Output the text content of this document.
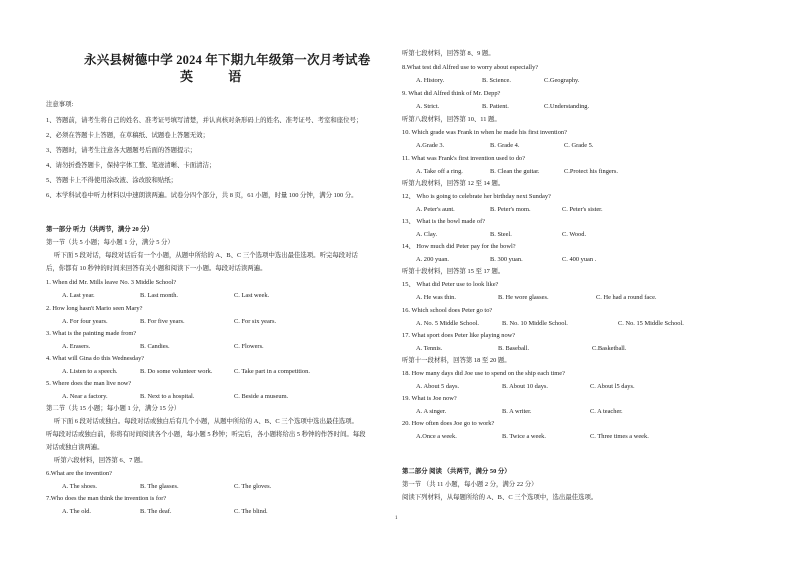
永兴县树德中学 2024 年下期九年级第一次月考试卷
英 语
注意事项:
1、答题前，请考生将自己的姓名、准考证号填写清楚，并认真核对条形码上的姓名、准考证号、考室和座位号；
2、必须在答题卡上答题，在草稿纸、试题卷上答题无效；
3、答题时，请考生注意各大题题号后面的答题提示；
4、请勿折叠答题卡，保持字体工整、笔迹清晰、卡面清洁；
5、答题卡上不得使用涂改液、涂改胶和贴纸；
6、本学科试卷中听力材料以中速朗读两遍。试卷分四个部分，共 8 页，61 小题，时量 100 分钟，满分 100 分。
第一部分 听力（共两节，满分 20 分）
第一节（共 5 小题；每小题 1 分，满分 5 分）
听下面 5 段对话，每段对话后有一个小题，从题中所给的 A、B、C 三个选项中选出最佳选项。听完每段对话
后，你都有 10 秒钟的时间来回答有关小题和阅读下一小题。每段对话读两遍。
1. When did Mr. Mills leave No. 3 Middle School?
A. Last year.	B. Last month.	C. Last week.
2. How long hasn't Mario seen Mary?
A. For four years.	B. For five years.	C. For six years.
3. What is the painting made from?
A. Erasers.	B. Candies.	C. Flowers.
4. What will Gina do this Wednesday?
A. Listen to a speech.	B. Do some volunteer work.	C. Take part in a competition.
5. Where does the man live now?
A. Near a factory.	B. Next to a hospital.	C. Beside a museum.
第二节（共 15 小题；每小题 1 分，满分 15 分）
听下面 6 段对话或独白。每段对话或独白后有几个小题，从题中所给的 A、B、C 三个选项中选出最佳选项。
听每段对话或独白前，你将有时间阅读各个小题，每小题 5 秒钟；听完后，各小题将给出 5 秒钟的作答时间。每段
对话或独白读两遍。
听第六段材料，回答第 6、7 题。
6.What are the invention?
A. The shoes.	B. The glasses.	C. The gloves.
7.Who does the man think the invention is for?
A. The old.	B. The deaf.	C. The blind.
听第七段材料，回答第 8、9 题。
8.What test did Alfred use to worry about especially?
A. History.	B. Science.	C.Geography.
9. What did Alfred think of Mr. Depp?
A. Strict.	B. Patient.	C.Understanding.
听第八段材料，回答第 10、11 题。
10. Which grade was Frank in when he made his first invention?
A.Grade 3.	B. Grade 4.	C. Grade 5.
11. What was Frank's first invention used to do?
A. Take off a ring.	B. Clean the guitar.	C.Protect his fingers.
听第九段材料，回答第 12 至 14 题。
12、 Who is going to celebrate her birthday next Sunday?
A. Peter's aunt.	B. Peter's mom.	C. Peter's sister.
13、 What is the bowl made of?
A. Clay.	B. Steel.	C. Wood.
14、 How much did Peter pay for the bowl?
A. 200 yuan.	B. 300 yuan.	C. 400 yuan .
听第十段材料，回答第 15 至 17 题。
15、 What did Peter use to look like?
A. He was thin.	B. He wore glasses.	C. He had a round face.
16. Which school does Peter go to?
A. No. 5 Middle School.	B. No. 10 Middle School.	C. No. 15 Middle School.
17. What sport does Peter like playing now?
A. Tennis.	B. Baseball.	C.Basketball.
听第十一段材料，回答第 18 至 20 题。
18. How many days did Joe use to spend on the ship each time?
A. About 5 days.	B. About 10 days.	C. About l5 days.
19. What is Joe now?
A. A singer.	B. A writer.	C. A teacher.
20. How often does Joe go to work?
A.Once a week.	B. Twice a week.	C. Three times a week.
第二部分 阅读 （共两节，满分 50 分）
第一节 （共 11 小题，每小题 2 分，满分 22 分）
阅读下列材料，从每题所给的 A、B、C 三个选项中，选出最佳选项。
1
